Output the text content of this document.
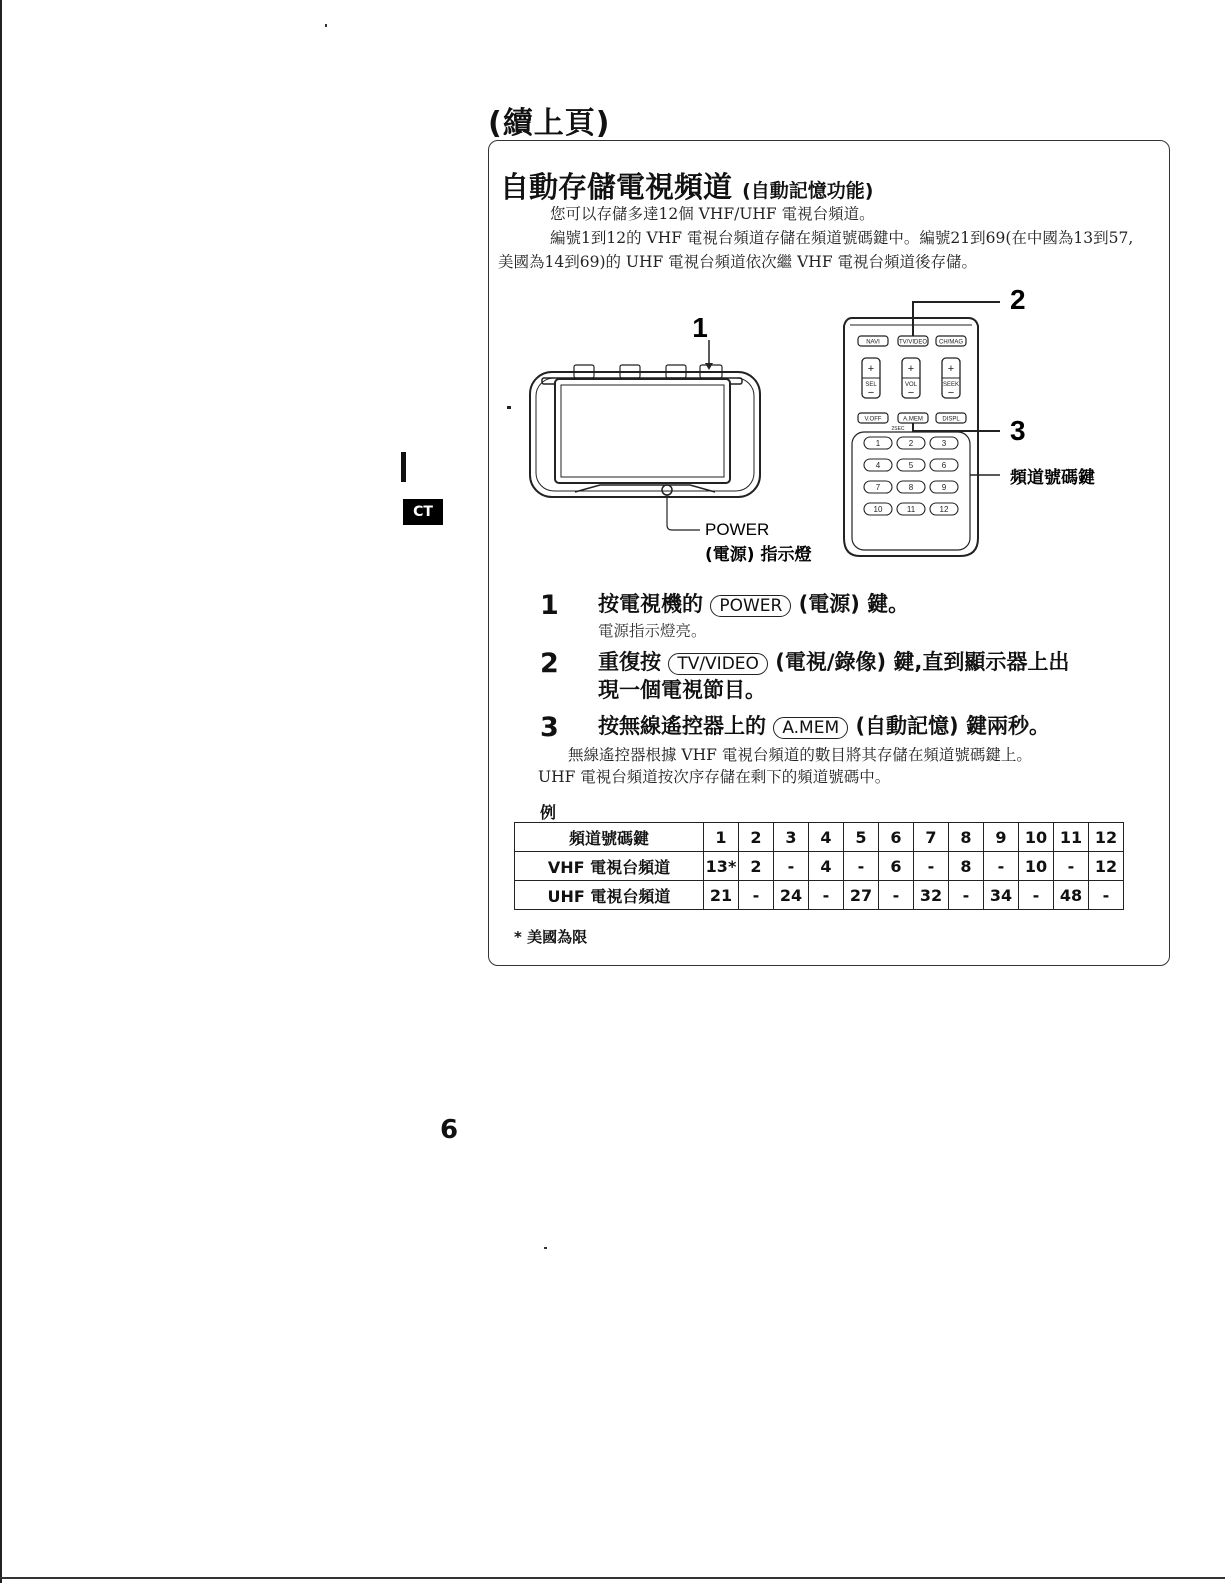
(續上頁)
CT
6
自動存儲電視頻道 (自動記憶功能)

您可以存儲多達12個 VHF/UHF 電視台頻道。

編號1到12的 VHF 電視台頻道存儲在頻道號碼鍵中。編號21到69(在中國為13到57,美國為14到69)的 UHF 電視台頻道依次繼 VHF 電視台頻道後存儲。

1
POWER
(電源) 指示燈
NAVI	TV/VIDEO CH/MAG
SEL	VOL	SEEK
V.OFF	A.MEM	DISPL
2SEC
+
−
+
−
+
−
1	2	3
4	5	6
7	8	9
10	11	12
2
3
頻道號碼鍵
1 按電視機的 POWER (電源) 鍵。
電源指示燈亮。
2 重復按 TV/VIDEO (電視/錄像) 鍵,直到顯示器上出
現一個電視節目。
3 按無線遙控器上的 A.MEM (自動記憶) 鍵兩秒。

無線遙控器根據 VHF 電視台頻道的數目將其存儲在頻道號碼鍵上。

UHF 電視台頻道按次序存儲在剩下的頻道號碼中。

例
頻道號碼鍵	1	2	3	4	5	6	7	8	9	10	11	12
VHF 電視台頻道	13*	2	-	4	-	6	-	8	-	10	-	12
UHF 電視台頻道	21	-	24	-	27	-	32	-	34	-	48	-
* 美國為限
